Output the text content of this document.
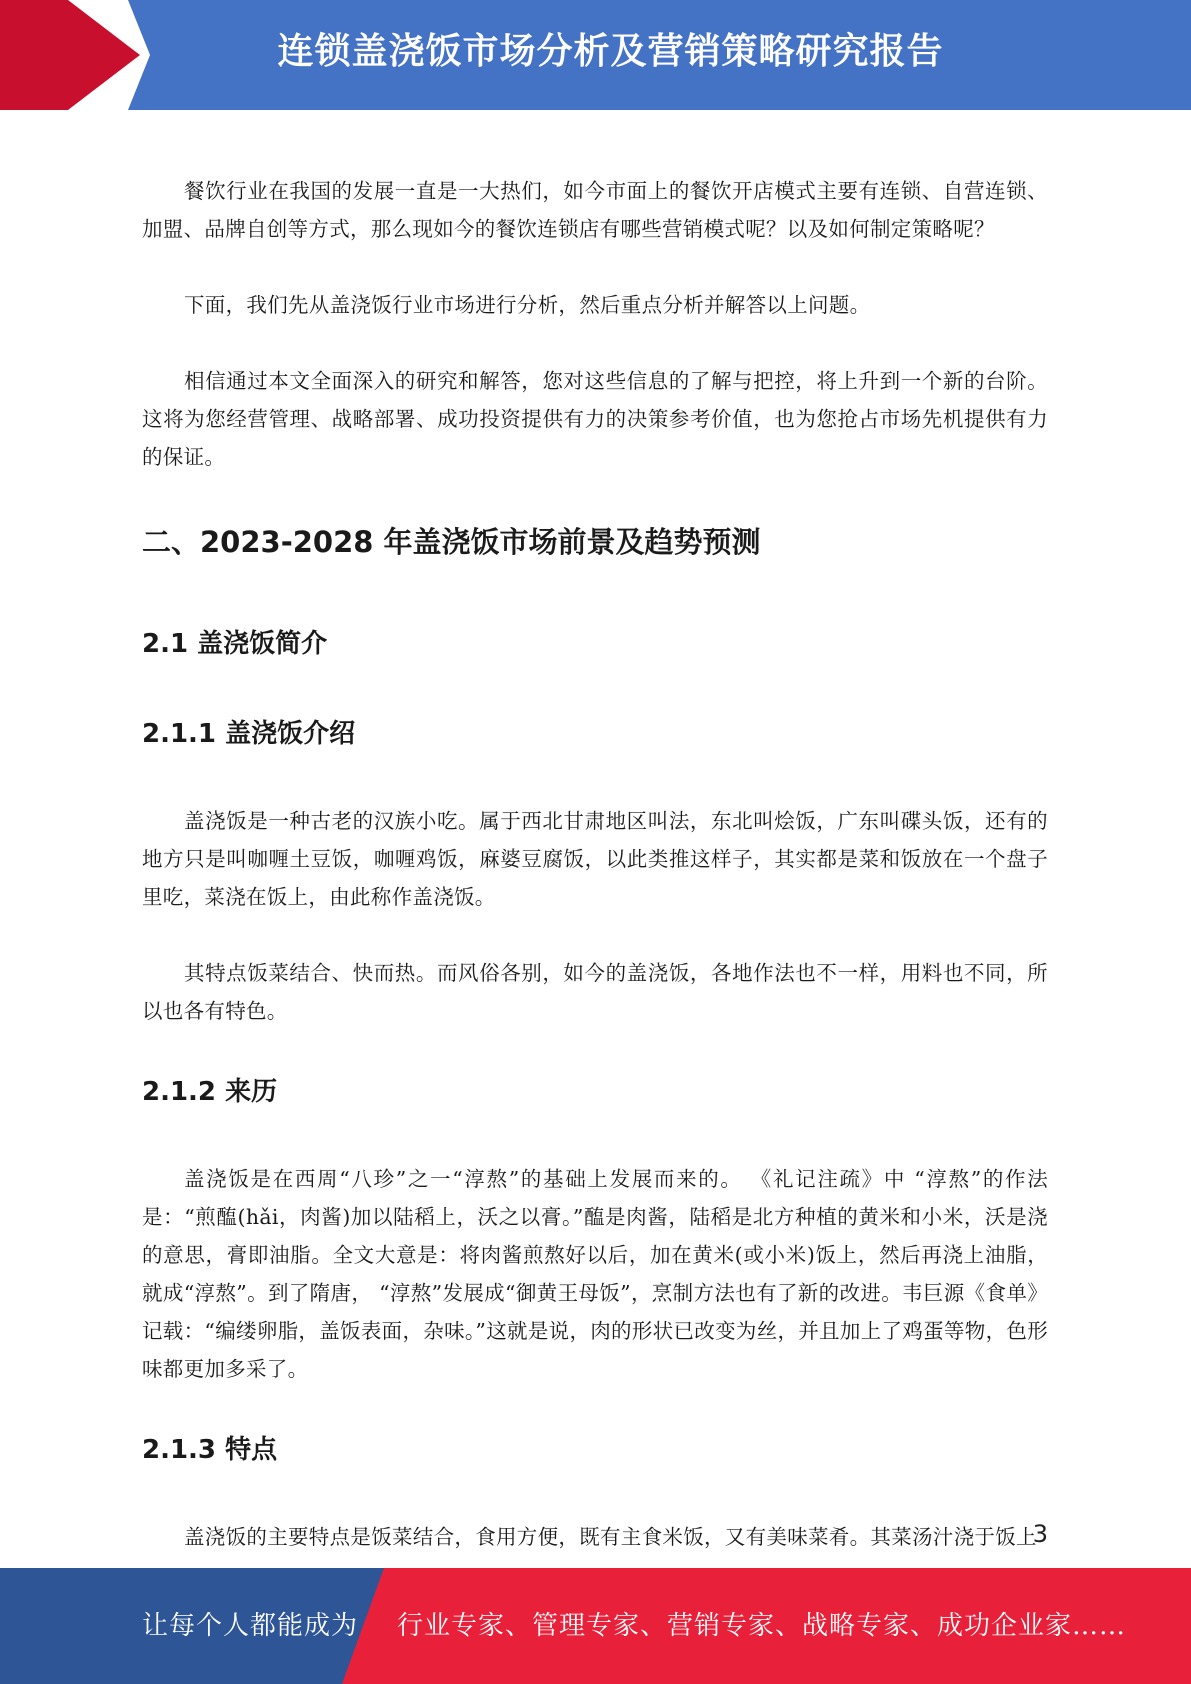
连锁盖浇饭市场分析及营销策略研究报告

餐饮行业在我国的发展一直是一大热们，如今市面上的餐饮开店模式主要有连锁、自营连锁、加盟、品牌自创等方式，那么现如今的餐饮连锁店有哪些营销模式呢？以及如何制定策略呢？

下面，我们先从盖浇饭行业市场进行分析，然后重点分析并解答以上问题。

相信通过本文全面深入的研究和解答，您对这些信息的了解与把控，将上升到一个新的台阶。这将为您经营管理、战略部署、成功投资提供有力的决策参考价值，也为您抢占市场先机提供有力的保证。

二、2023-2028 年盖浇饭市场前景及趋势预测
2.1 盖浇饭简介
2.1.1 盖浇饭介绍

盖浇饭是一种古老的汉族小吃。属于西北甘肃地区叫法，东北叫烩饭，广东叫碟头饭，还有的地方只是叫咖喱土豆饭，咖喱鸡饭，麻婆豆腐饭，以此类推这样子，其实都是菜和饭放在一个盘子里吃，菜浇在饭上，由此称作盖浇饭。

其特点饭菜结合、快而热。而风俗各别，如今的盖浇饭，各地作法也不一样，用料也不同，所以也各有特色。

2.1.2 来历

盖浇饭是在西周“八珍”之一“淳熬”的基础上发展而来的。 《礼记注疏》中 “淳熬”的作法是：“煎醢(hǎi，肉酱)加以陆稻上，沃之以膏。”醢是肉酱，陆稻是北方种植的黄米和小米，沃是浇的意思，膏即油脂。全文大意是：将肉酱煎熬好以后，加在黄米(或小米)饭上，然后再浇上油脂，就成“淳熬”。到了隋唐， “淳熬”发展成“御黄王母饭”，烹制方法也有了新的改进。韦巨源《食单》记载：“编缕卵脂，盖饭表面，杂味。”这就是说，肉的形状已改变为丝，并且加上了鸡蛋等物，色形味都更加多采了。

2.1.3 特点

盖浇饭的主要特点是饭菜结合，食用方便，既有主食米饭，又有美味菜肴。其菜汤汁浇于饭上

3
让每个人都能成为 行业专家、管理专家、营销专家、战略专家、成功企业家……
